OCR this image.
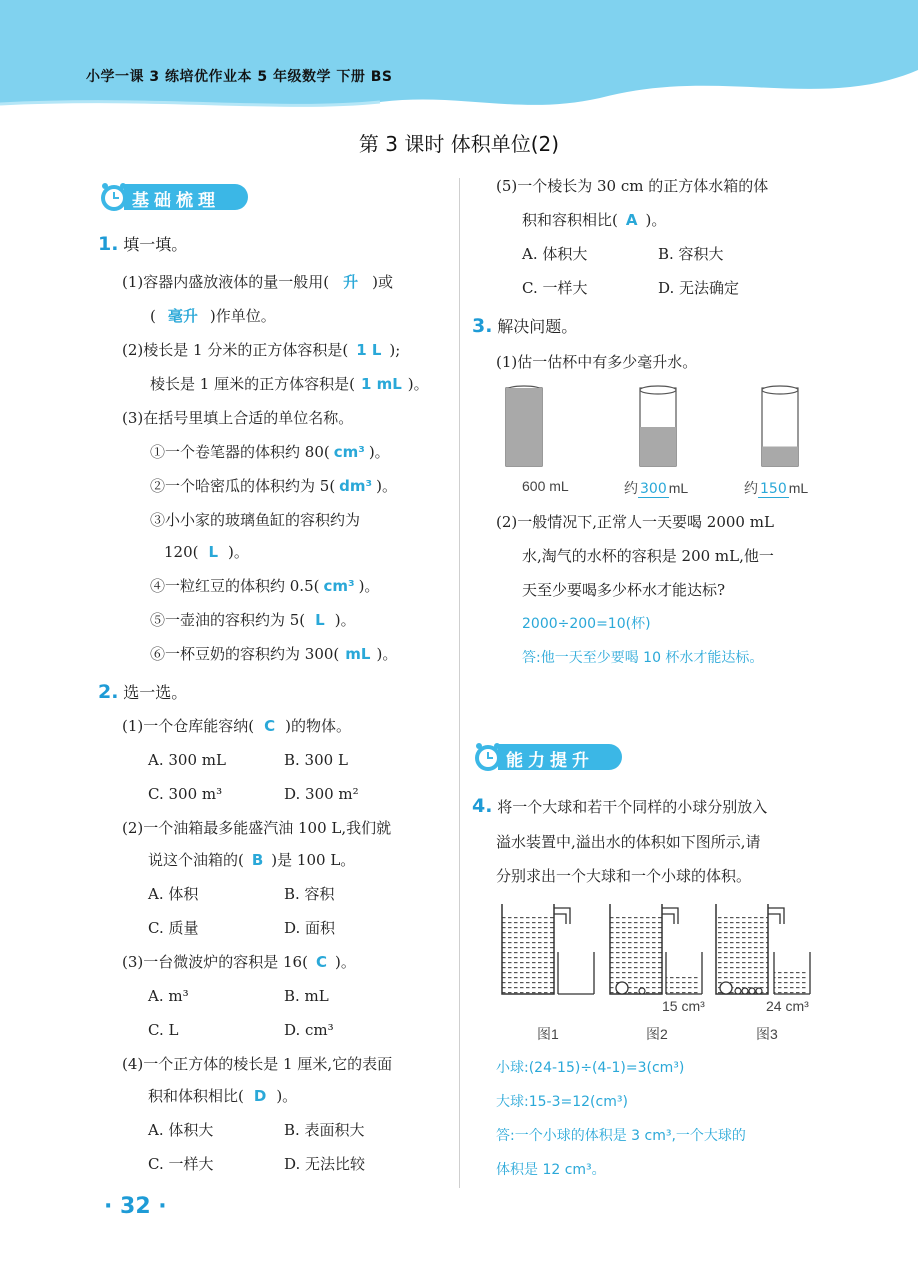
小学一课 3 练培优作业本 5 年级数学 下册 BS
第 3 课时 体积单位(2)
基础梳理
1. 填一填。
(1)容器内盛放液体的量一般用( 升 )或
( 毫升 )作单位。
(2)棱长是 1 分米的正方体容积是( 1 L );
棱长是 1 厘米的正方体容积是( 1 mL )。
(3)在括号里填上合适的单位名称。
①一个卷笔器的体积约 80( cm³ )。
②一个哈密瓜的体积约为 5( dm³ )。
③小小家的玻璃鱼缸的容积约为
120( L )。
④一粒红豆的体积约 0.5( cm³ )。
⑤一壶油的容积约为 5( L )。
⑥一杯豆奶的容积约为 300( mL )。
2. 选一选。
(1)一个仓库能容纳( C )的物体。
A. 300 mL	B. 300 L
C. 300 m³	D. 300 m²
(2)一个油箱最多能盛汽油 100 L,我们就
说这个油箱的( B )是 100 L。
A. 体积	B. 容积
C. 质量	D. 面积
(3)一台微波炉的容积是 16( C )。
A. m³	B. mL
C. L	D. cm³
(4)一个正方体的棱长是 1 厘米,它的表面
积和体积相比( D )。
A. 体积大	B. 表面积大
C. 一样大	D. 无法比较
(5)一个棱长为 30 cm 的正方体水箱的体
积和容积相比( A )。
A. 体积大	B. 容积大
C. 一样大	D. 无法确定
3. 解决问题。
(1)估一估杯中有多少毫升水。
600 mL	约 300 mL	约 150 mL
(2)一般情况下,正常人一天要喝 2000 mL
水,淘气的水杯的容积是 200 mL,他一
天至少要喝多少杯水才能达标?
2000÷200=10(杯)
答:他一天至少要喝 10 杯水才能达标。
能力提升
4. 将一个大球和若干个同样的小球分别放入
溢水装置中,溢出水的体积如下图所示,请
分别求出一个大球和一个小球的体积。
15 cm³	24 cm³
图1	图2	图3
小球:(24-15)÷(4-1)=3(cm³)
大球:15-3=12(cm³)
答:一个小球的体积是 3 cm³,一个大球的
体积是 12 cm³。
· 32 ·
